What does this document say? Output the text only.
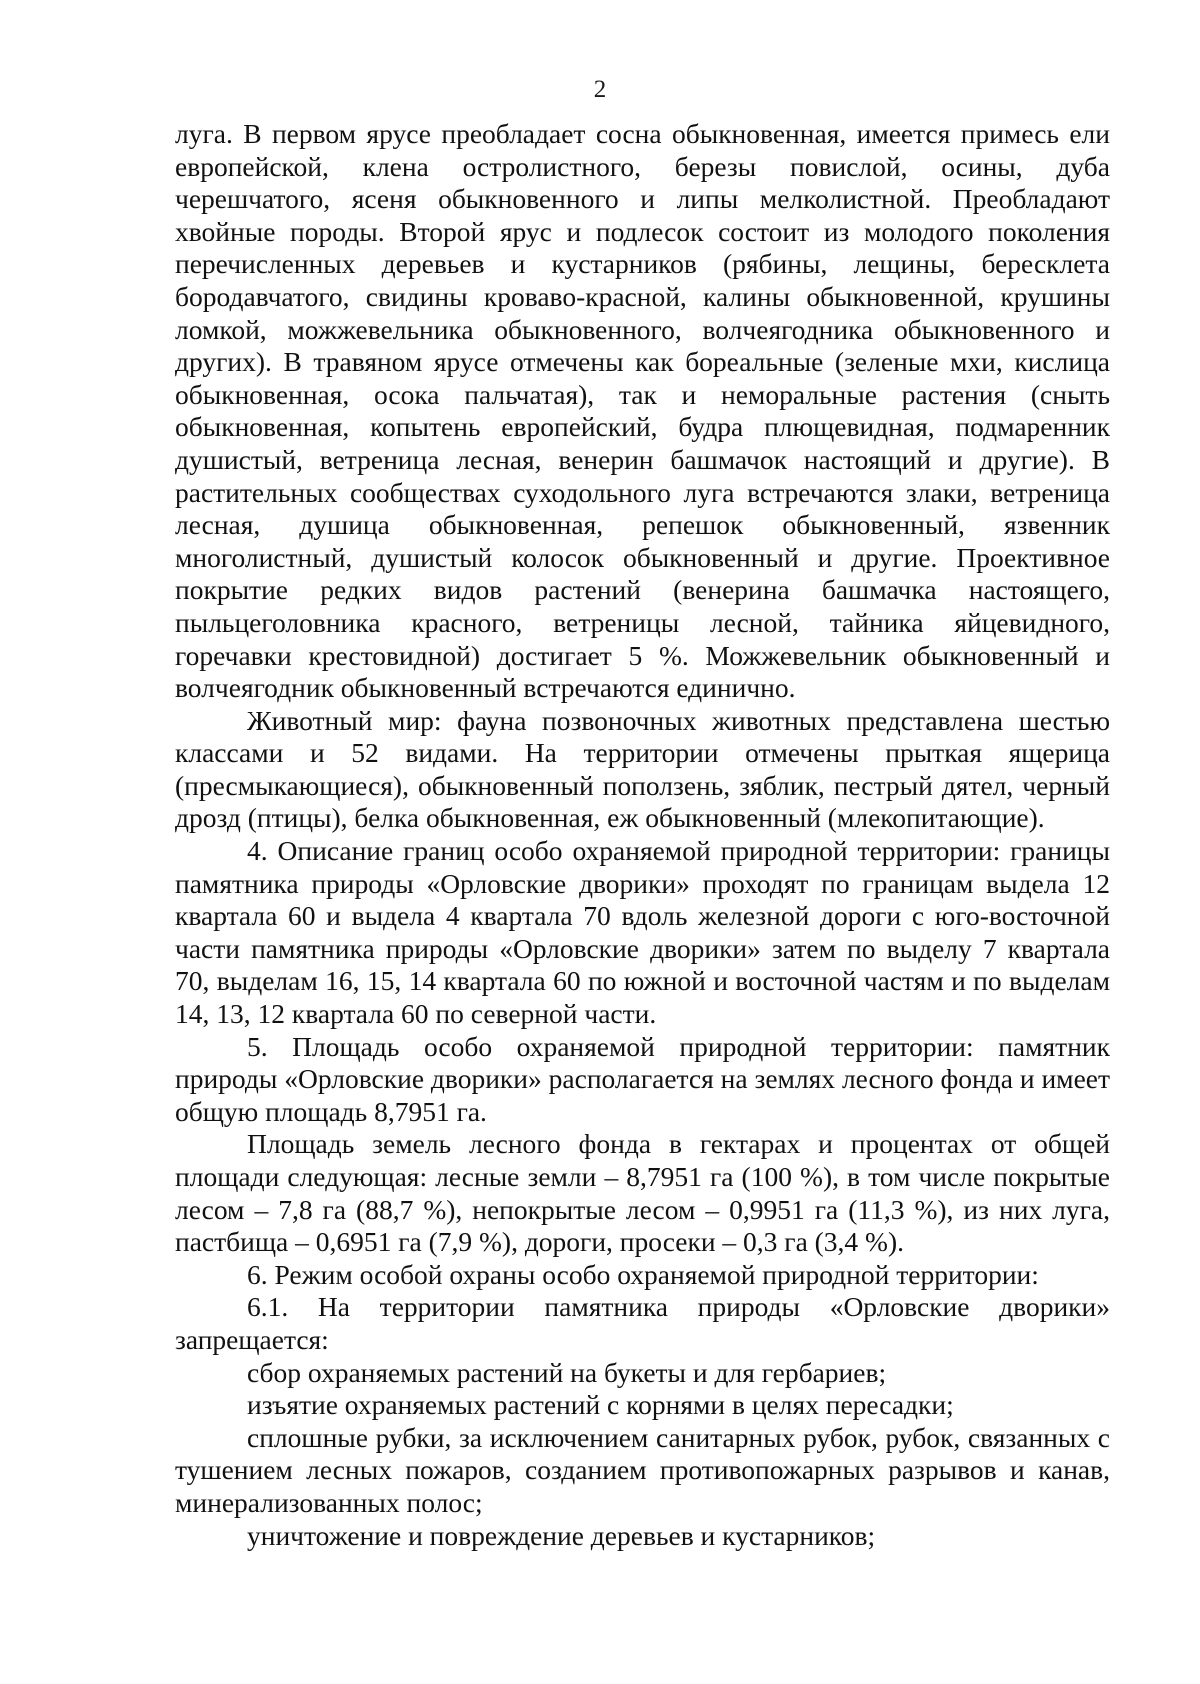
2

луга. В первом ярусе преобладает сосна обыкновенная, имеется примесь ели европейской, клена остролистного, березы повислой, осины, дуба черешчатого, ясеня обыкновенного и липы мелколистной. Преобладают хвойные породы. Второй ярус и подлесок состоит из молодого поколения перечисленных деревьев и кустарников (рябины, лещины, бересклета бородавчатого, свидины кроваво-красной, калины обыкновенной, крушины ломкой, можжевельника обыкновенного, волчеягодника обыкновенного и других). В травяном ярусе отмечены как бореальные (зеленые мхи, кислица обыкновенная, осока пальчатая), так и неморальные растения (сныть обыкновенная, копытень европейский, будра плющевидная, подмаренник душистый, ветреница лесная, венерин башмачок настоящий и другие). В растительных сообществах суходольного луга встречаются злаки, ветреница лесная, душица обыкновенная, репешок обыкновенный, язвенник многолистный, душистый колосок обыкновенный и другие. Проективное покрытие редких видов растений (венерина башмачка настоящего, пыльцеголовника красного, ветреницы лесной, тайника яйцевидного, горечавки крестовидной) достигает 5 %. Можжевельник обыкновенный и волчеягодник обыкновенный встречаются единично.

Животный мир: фауна позвоночных животных представлена шестью классами и 52 видами. На территории отмечены прыткая ящерица (пресмыкающиеся), обыкновенный поползень, зяблик, пестрый дятел, черный дрозд (птицы), белка обыкновенная, еж обыкновенный (млекопитающие).

4. Описание границ особо охраняемой природной территории: границы памятника природы «Орловские дворики» проходят по границам выдела 12 квартала 60 и выдела 4 квартала 70 вдоль железной дороги с юго-восточной части памятника природы «Орловские дворики» затем по выделу 7 квартала 70, выделам 16, 15, 14 квартала 60 по южной и восточной частям и по выделам 14, 13, 12 квартала 60 по северной части.

5. Площадь особо охраняемой природной территории: памятник природы «Орловские дворики» располагается на землях лесного фонда и имеет общую площадь 8,7951 га.

Площадь земель лесного фонда в гектарах и процентах от общей площади следующая: лесные земли – 8,7951 га (100 %), в том числе покрытые лесом – 7,8 га (88,7 %), непокрытые лесом – 0,9951 га (11,3 %), из них луга, пастбища – 0,6951 га (7,9 %), дороги, просеки – 0,3 га (3,4 %).

6. Режим особой охраны особо охраняемой природной территории:

6.1. На территории памятника природы «Орловские дворики» запрещается:

сбор охраняемых растений на букеты и для гербариев;

изъятие охраняемых растений с корнями в целях пересадки;

сплошные рубки, за исключением санитарных рубок, рубок, связанных с тушением лесных пожаров, созданием противопожарных разрывов и канав, минерализованных полос;

уничтожение и повреждение деревьев и кустарников;
